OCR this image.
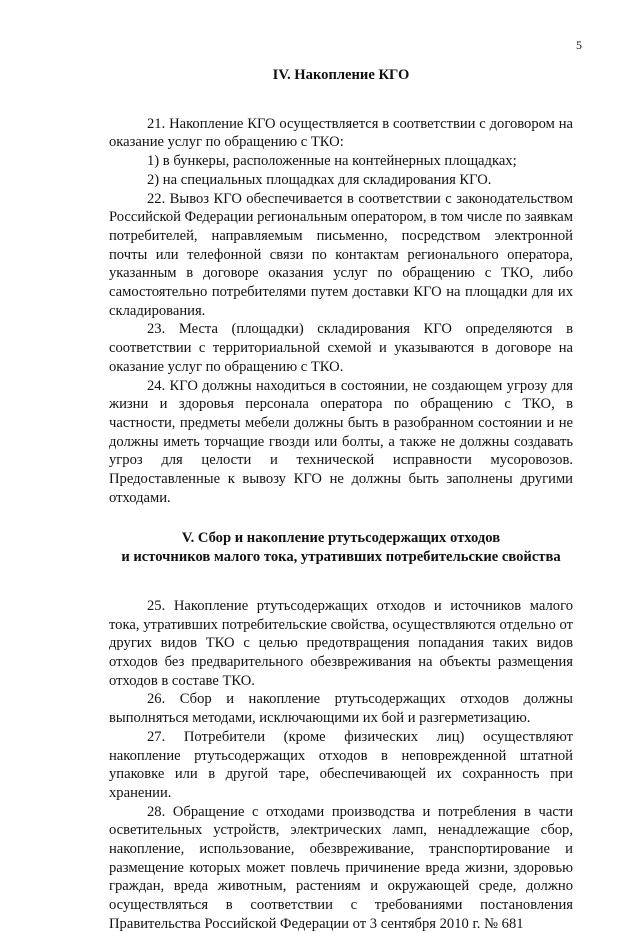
5
IV. Накопление КГО

21. Накопление КГО осуществляется в соответствии с договором на оказание услуг по обращению с ТКО:

1) в бункеры, расположенные на контейнерных площадках;

2) на специальных площадках для складирования КГО.

22. Вывоз КГО обеспечивается в соответствии с законодательством Российской Федерации региональным оператором, в том числе по заявкам потребителей, направляемым письменно, посредством электронной почты или телефонной связи по контактам регионального оператора, указанным в договоре оказания услуг по обращению с ТКО, либо самостоятельно потребителями путем доставки КГО на площадки для их складирования.

23. Места (площадки) складирования КГО определяются в соответствии с территориальной схемой и указываются в договоре на оказание услуг по обращению с ТКО.

24. КГО должны находиться в состоянии, не создающем угрозу для жизни и здоровья персонала оператора по обращению с ТКО, в частности, предметы мебели должны быть в разобранном состоянии и не должны иметь торчащие гвозди или болты, а также не должны создавать угроз для целости и технической исправности мусоровозов. Предоставленные к вывозу КГО не должны быть заполнены другими отходами.

V. Сбор и накопление ртутьсодержащих отходов
и источников малого тока, утративших потребительские свойства

25. Накопление ртутьсодержащих отходов и источников малого тока, утративших потребительские свойства, осуществляются отдельно от других видов ТКО с целью предотвращения попадания таких видов отходов без предварительного обезвреживания на объекты размещения отходов в составе ТКО.

26. Сбор и накопление ртутьсодержащих отходов должны выполняться методами, исключающими их бой и разгерметизацию.

27. Потребители (кроме физических лиц) осуществляют накопление ртутьсодержащих отходов в неповрежденной штатной упаковке или в другой таре, обеспечивающей их сохранность при хранении.

28. Обращение с отходами производства и потребления в части осветительных устройств, электрических ламп, ненадлежащие сбор, накопление, использование, обезвреживание, транспортирование и размещение которых может повлечь причинение вреда жизни, здоровью граждан, вреда животным, растениям и окружающей среде, должно осуществляться в соответствии с требованиями постановления Правительства Российской Федерации от 3 сентября 2010 г. № 681
